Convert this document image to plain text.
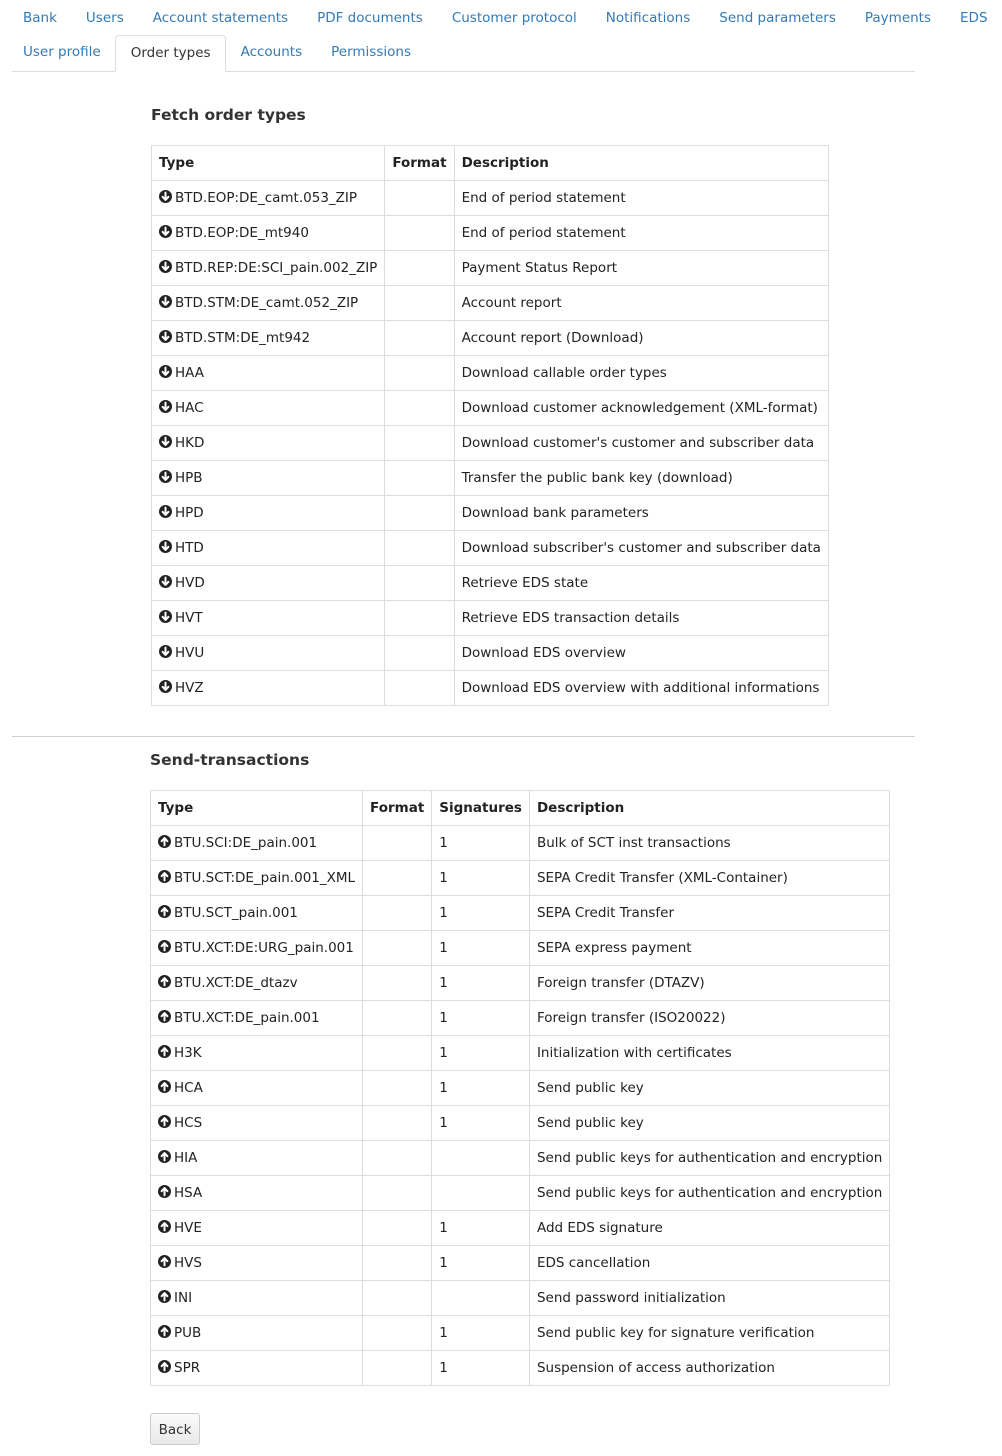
Bank	Users	Account statements	PDF documents	Customer protocol	Notifications	Send parameters	Payments	EDS
User profile	Order types	Accounts	Permissions
Fetch order types
Type	Format	Description

BTD.EOP:DE_camt.053_ZIP		End of period statement

BTD.EOP:DE_mt940		End of period statement

BTD.REP:DE:SCI_pain.002_ZIP		Payment Status Report

BTD.STM:DE_camt.052_ZIP		Account report

BTD.STM:DE_mt942		Account report (Download)

HAA		Download callable order types

HAC		Download customer acknowledgement (XML-format)

HKD		Download customer's customer and subscriber data

HPB		Transfer the public bank key (download)

HPD		Download bank parameters

HTD		Download subscriber's customer and subscriber data

HVD		Retrieve EDS state

HVT		Retrieve EDS transaction details

HVU		Download EDS overview

HVZ		Download EDS overview with additional informations
Send-transactions
Type	Format	Signatures	Description

BTU.SCI:DE_pain.001		1	Bulk of SCT inst transactions

BTU.SCT:DE_pain.001_XML		1	SEPA Credit Transfer (XML-Container)

BTU.SCT_pain.001		1	SEPA Credit Transfer

BTU.XCT:DE:URG_pain.001		1	SEPA express payment

BTU.XCT:DE_dtazv		1	Foreign transfer (DTAZV)

BTU.XCT:DE_pain.001		1	Foreign transfer (ISO20022)

H3K		1	Initialization with certificates

HCA		1	Send public key

HCS		1	Send public key

HIA			Send public keys for authentication and encryption

HSA			Send public keys for authentication and encryption

HVE		1	Add EDS signature

HVS		1	EDS cancellation

INI			Send password initialization

PUB		1	Send public key for signature verification

SPR		1	Suspension of access authorization
Back
